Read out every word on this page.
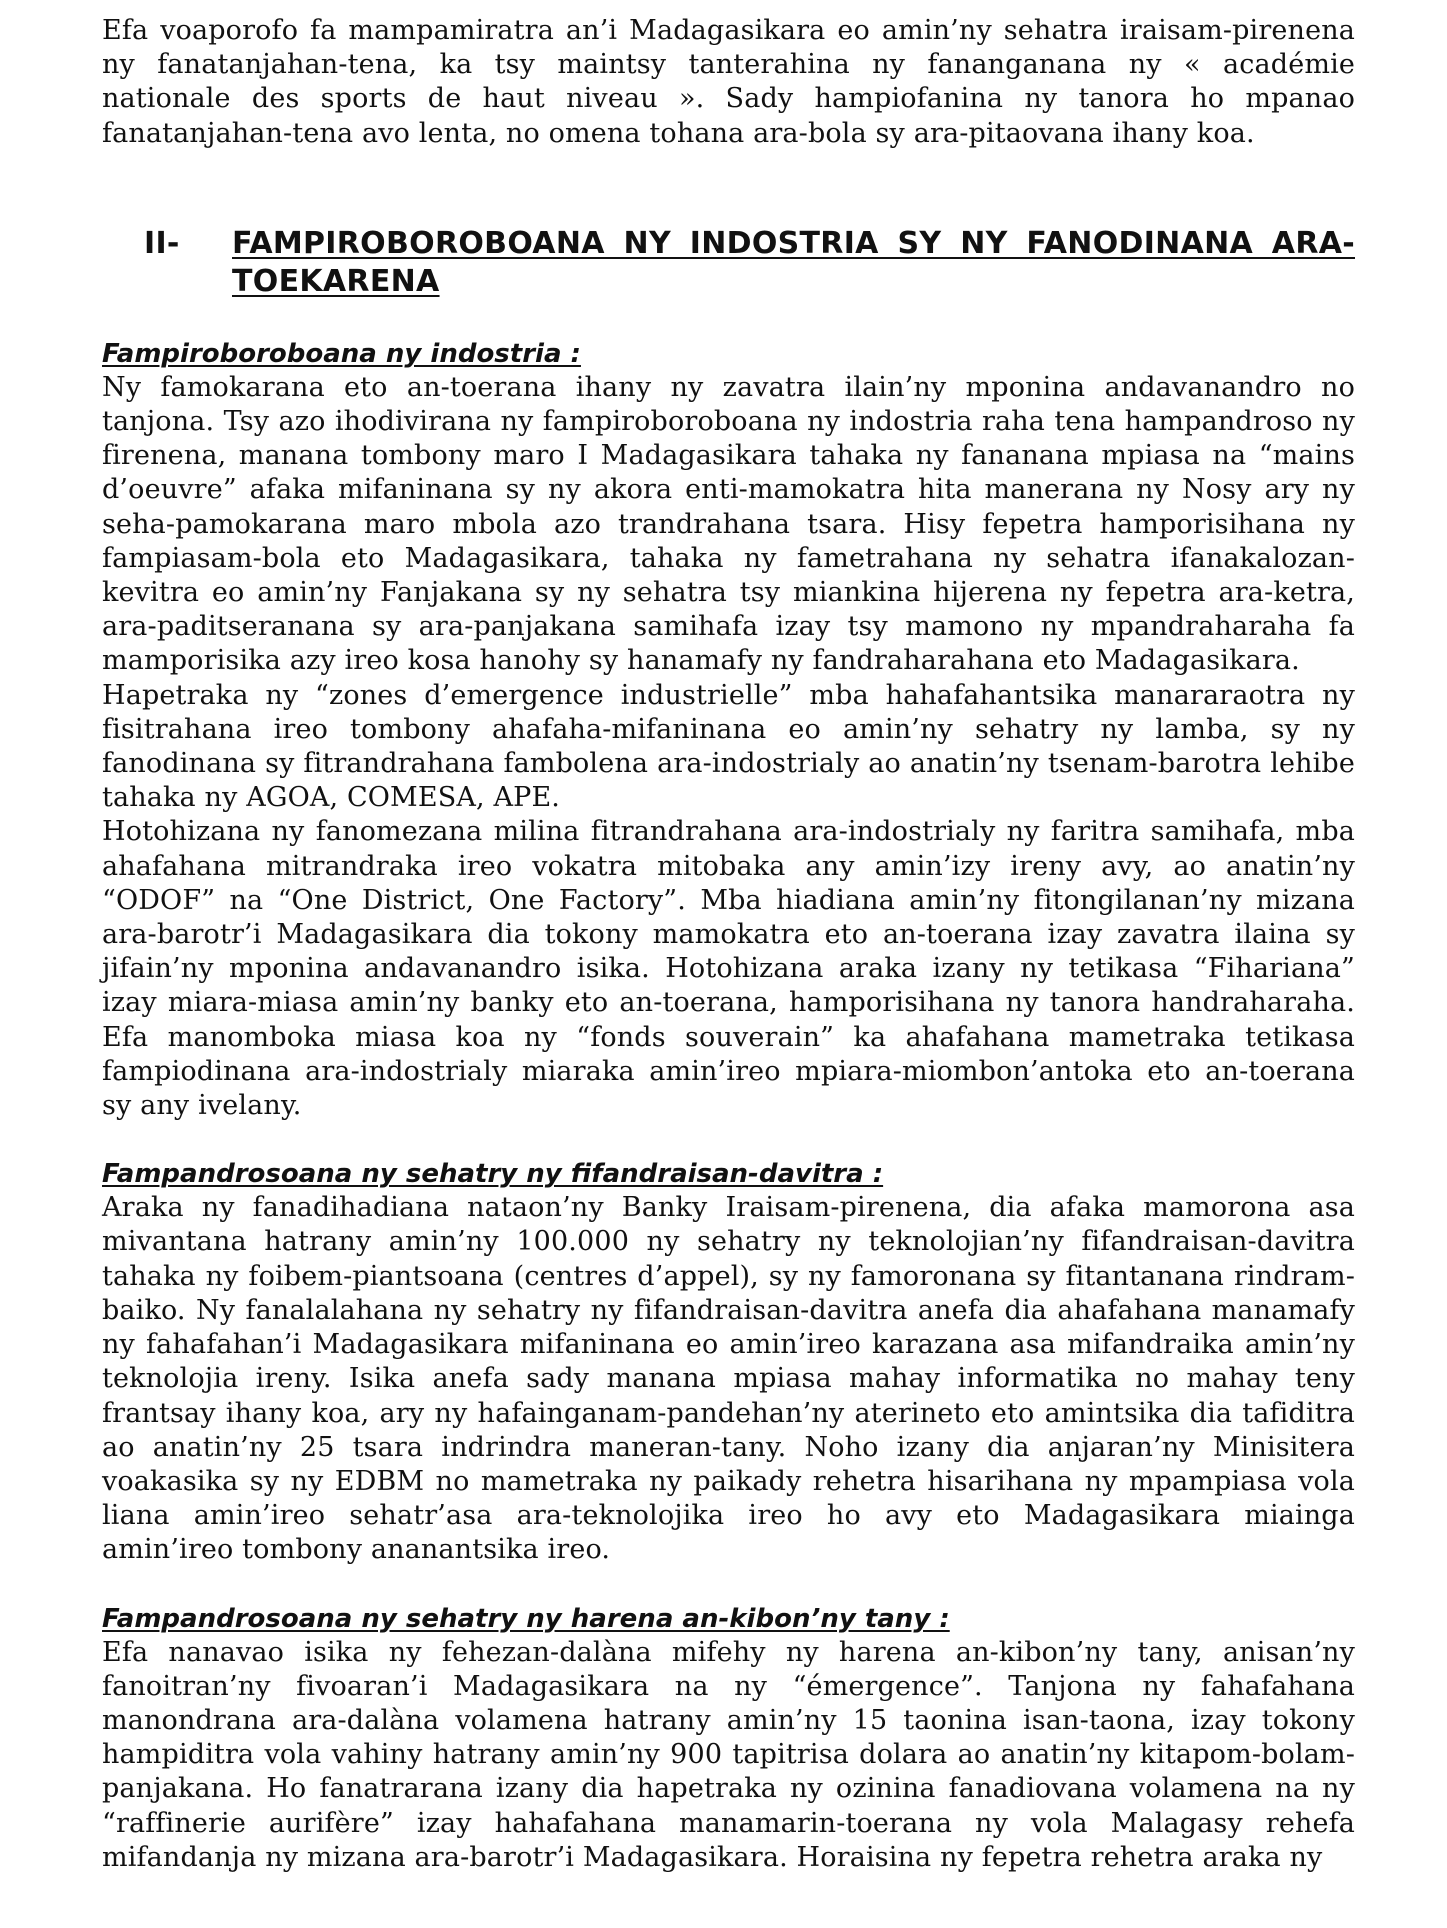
Efa voaporofo fa mampamiratra an’i Madagasikara eo amin’ny sehatra iraisam-pirenena ny fanatanjahan-tena, ka tsy maintsy tanterahina ny fananganana ny « académie nationale des sports de haut niveau ». Sady hampiofanina ny tanora ho mpanao fanatanjahan-tena avo lenta, no omena tohana ara-bola sy ara-pitaovana ihany koa.

II-	FAMPIROBOROBOANA NY INDOSTRIA SY NY FANODINANA ARA-TOEKARENA

Fampiroboroboana ny indostria :

Ny famokarana eto an-toerana ihany ny zavatra ilain’ny mponina andavanandro no tanjona. Tsy azo ihodivirana ny fampiroboroboana ny indostria raha tena hampandroso ny firenena, manana tombony maro I Madagasikara tahaka ny fananana mpiasa na “mains d’oeuvre” afaka mifaninana sy ny akora enti-mamokatra hita manerana ny Nosy ary ny seha-pamokarana maro mbola azo trandrahana tsara. Hisy fepetra hamporisihana ny fampiasam-bola eto Madagasikara, tahaka ny fametrahana ny sehatra ifanakalozan-kevitra eo amin’ny Fanjakana sy ny sehatra tsy miankina hijerena ny fepetra ara-ketra, ara-paditseranana sy ara-panjakana samihafa izay tsy mamono ny mpandraharaha fa mamporisika azy ireo kosa hanohy sy hanamafy ny fandraharahana eto Madagasikara.

Hapetraka ny “zones d’emergence industrielle” mba hahafahantsika manararaotra ny fisitrahana ireo tombony ahafaha-mifaninana eo amin’ny sehatry ny lamba, sy ny fanodinana sy fitrandrahana fambolena ara-indostrialy ao anatin’ny tsenam-barotra lehibe tahaka ny AGOA, COMESA, APE.

Hotohizana ny fanomezana milina fitrandrahana ara-indostrialy ny faritra samihafa, mba ahafahana mitrandraka ireo vokatra mitobaka any amin’izy ireny avy, ao anatin’ny “ODOF” na “One District, One Factory”. Mba hiadiana amin’ny fitongilanan’ny mizana ara-barotr’i Madagasikara dia tokony mamokatra eto an-toerana izay zavatra ilaina sy jifain’ny mponina andavanandro isika. Hotohizana araka izany ny tetikasa “Fihariana” izay miara-miasa amin’ny banky eto an-toerana, hamporisihana ny tanora handraharaha. Efa manomboka miasa koa ny “fonds souverain” ka ahafahana mametraka tetikasa fampiodinana ara-indostrialy miaraka amin’ireo mpiara-miombon’antoka eto an-toerana sy any ivelany.

Fampandrosoana ny sehatry ny fifandraisan-davitra :

Araka ny fanadihadiana nataon’ny Banky Iraisam-pirenena, dia afaka mamorona asa mivantana hatrany amin’ny 100.000 ny sehatry ny teknolojian’ny fifandraisan-davitra tahaka ny foibem-piantsoana (centres d’appel), sy ny famoronana sy fitantanana rindram-baiko. Ny fanalalahana ny sehatry ny fifandraisan-davitra anefa dia ahafahana manamafy ny fahafahan’i Madagasikara mifaninana eo amin’ireo karazana asa mifandraika amin’ny teknolojia ireny. Isika anefa sady manana mpiasa mahay informatika no mahay teny frantsay ihany koa, ary ny hafainganam-pandehan’ny aterineto eto amintsika dia tafiditra ao anatin’ny 25 tsara indrindra maneran-tany. Noho izany dia anjaran’ny Minisitera voakasika sy ny EDBM no mametraka ny paikady rehetra hisarihana ny mpampiasa vola liana amin’ireo sehatr’asa ara-teknolojika ireo ho avy eto Madagasikara miainga amin’ireo tombony ananantsika ireo.

Fampandrosoana ny sehatry ny harena an-kibon’ny tany :

Efa nanavao isika ny fehezan-dalàna mifehy ny harena an-kibon’ny tany, anisan’ny fanoitran’ny fivoaran’i Madagasikara na ny “émergence”. Tanjona ny fahafahana manondrana ara-dalàna volamena hatrany amin’ny 15 taonina isan-taona, izay tokony hampiditra vola vahiny hatrany amin’ny 900 tapitrisa dolara ao anatin’ny kitapom-bolam-panjakana. Ho fanatrarana izany dia hapetraka ny ozinina fanadiovana volamena na ny “raffinerie aurifère” izay hahafahana manamarin-toerana ny vola Malagasy rehefa mifandanja ny mizana ara-barotr’i Madagasikara. Horaisina ny fepetra rehetra araka ny
